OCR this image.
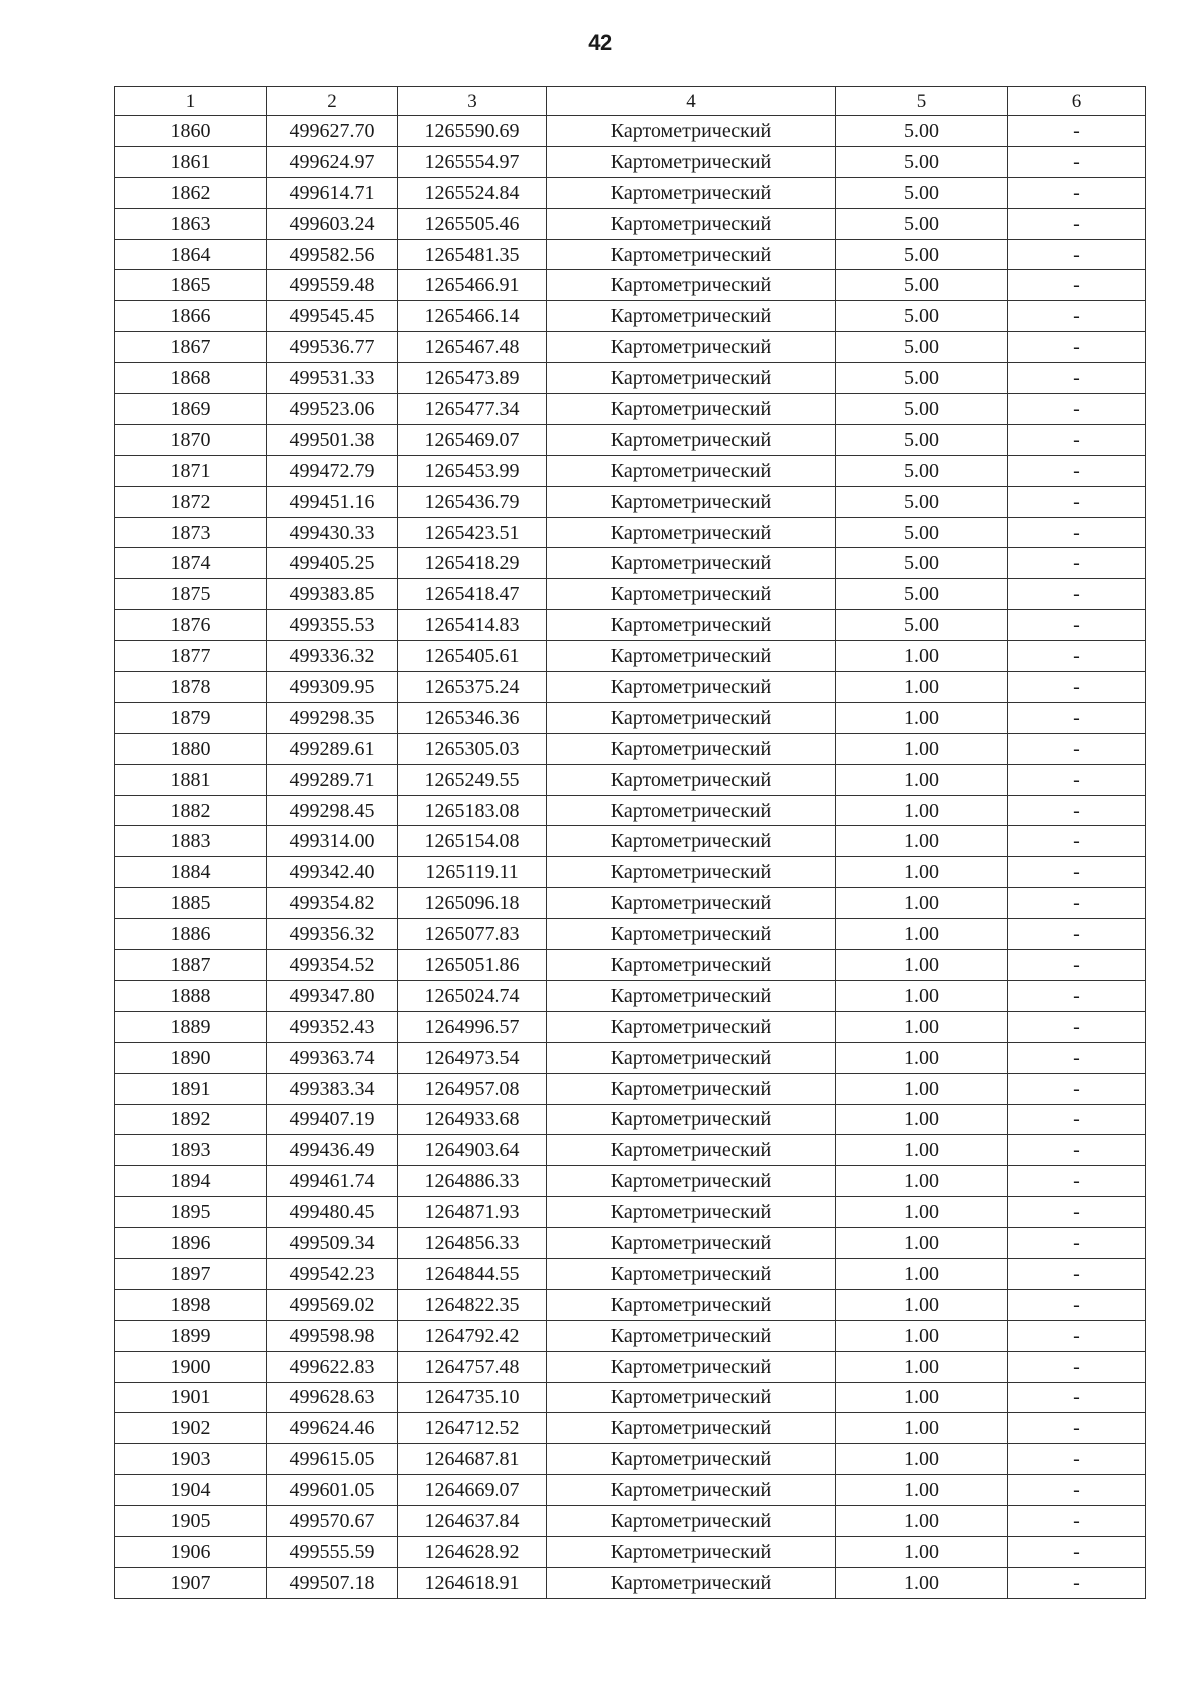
42
1	2	3	4	5	6
1860	499627.70	1265590.69	Картометрический	5.00	-
1861	499624.97	1265554.97	Картометрический	5.00	-
1862	499614.71	1265524.84	Картометрический	5.00	-
1863	499603.24	1265505.46	Картометрический	5.00	-
1864	499582.56	1265481.35	Картометрический	5.00	-
1865	499559.48	1265466.91	Картометрический	5.00	-
1866	499545.45	1265466.14	Картометрический	5.00	-
1867	499536.77	1265467.48	Картометрический	5.00	-
1868	499531.33	1265473.89	Картометрический	5.00	-
1869	499523.06	1265477.34	Картометрический	5.00	-
1870	499501.38	1265469.07	Картометрический	5.00	-
1871	499472.79	1265453.99	Картометрический	5.00	-
1872	499451.16	1265436.79	Картометрический	5.00	-
1873	499430.33	1265423.51	Картометрический	5.00	-
1874	499405.25	1265418.29	Картометрический	5.00	-
1875	499383.85	1265418.47	Картометрический	5.00	-
1876	499355.53	1265414.83	Картометрический	5.00	-
1877	499336.32	1265405.61	Картометрический	1.00	-
1878	499309.95	1265375.24	Картометрический	1.00	-
1879	499298.35	1265346.36	Картометрический	1.00	-
1880	499289.61	1265305.03	Картометрический	1.00	-
1881	499289.71	1265249.55	Картометрический	1.00	-
1882	499298.45	1265183.08	Картометрический	1.00	-
1883	499314.00	1265154.08	Картометрический	1.00	-
1884	499342.40	1265119.11	Картометрический	1.00	-
1885	499354.82	1265096.18	Картометрический	1.00	-
1886	499356.32	1265077.83	Картометрический	1.00	-
1887	499354.52	1265051.86	Картометрический	1.00	-
1888	499347.80	1265024.74	Картометрический	1.00	-
1889	499352.43	1264996.57	Картометрический	1.00	-
1890	499363.74	1264973.54	Картометрический	1.00	-
1891	499383.34	1264957.08	Картометрический	1.00	-
1892	499407.19	1264933.68	Картометрический	1.00	-
1893	499436.49	1264903.64	Картометрический	1.00	-
1894	499461.74	1264886.33	Картометрический	1.00	-
1895	499480.45	1264871.93	Картометрический	1.00	-
1896	499509.34	1264856.33	Картометрический	1.00	-
1897	499542.23	1264844.55	Картометрический	1.00	-
1898	499569.02	1264822.35	Картометрический	1.00	-
1899	499598.98	1264792.42	Картометрический	1.00	-
1900	499622.83	1264757.48	Картометрический	1.00	-
1901	499628.63	1264735.10	Картометрический	1.00	-
1902	499624.46	1264712.52	Картометрический	1.00	-
1903	499615.05	1264687.81	Картометрический	1.00	-
1904	499601.05	1264669.07	Картометрический	1.00	-
1905	499570.67	1264637.84	Картометрический	1.00	-
1906	499555.59	1264628.92	Картометрический	1.00	-
1907	499507.18	1264618.91	Картометрический	1.00	-
